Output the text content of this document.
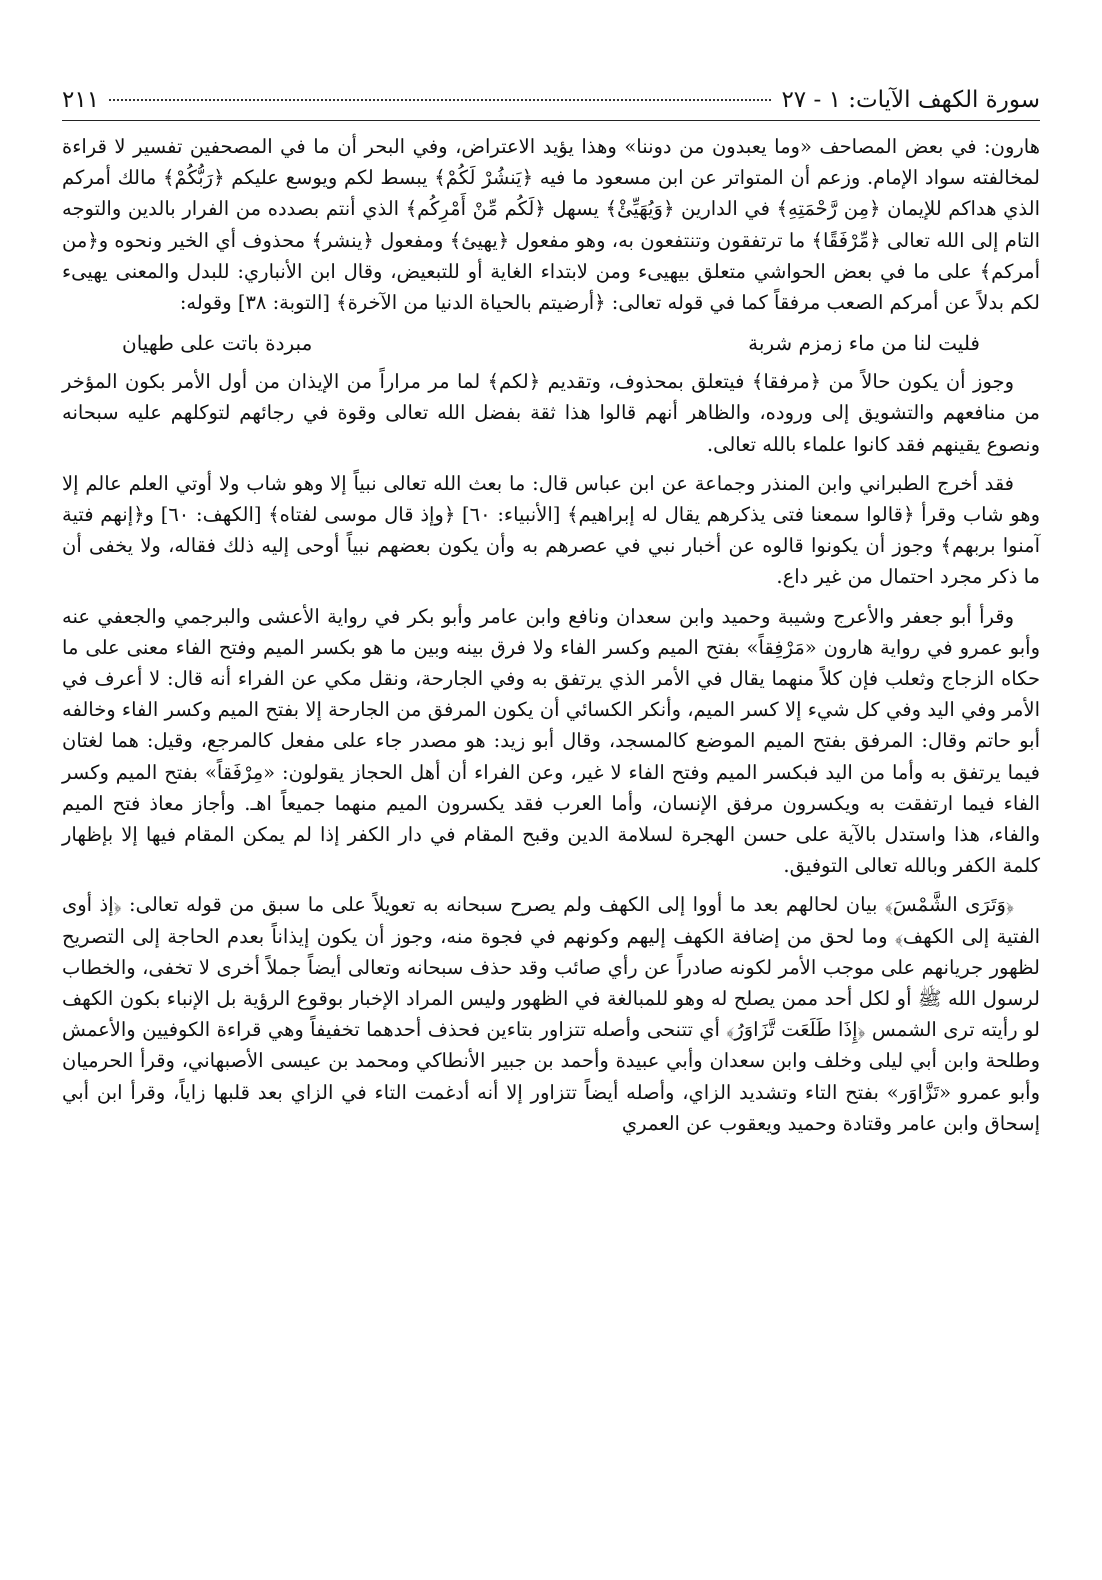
سورة الكهف الآيات: ١ - ٢٧
٢١١

هارون: في بعض المصاحف «وما يعبدون من دوننا» وهذا يؤيد الاعتراض، وفي البحر أن ما في المصحفين تفسير لا قراءة لمخالفته سواد الإمام. وزعم أن المتواتر عن ابن مسعود ما فيه ﴿يَنشُرْ لَكُمْ﴾ يبسط لكم ويوسع عليكم ﴿رَبُّكُمْ﴾ مالك أمركم الذي هداكم للإيمان ﴿مِن رَّحْمَتِهِ﴾ في الدارين ﴿وَيُهَيِّئْ﴾ يسهل ﴿لَكُم مِّنْ أَمْرِكُم﴾ الذي أنتم بصدده من الفرار بالدين والتوجه التام إلى الله تعالى ﴿مِّرْفَقًا﴾ ما ترتفقون وتنتفعون به، وهو مفعول ﴿يهيئ﴾ ومفعول ﴿ينشر﴾ محذوف أي الخير ونحوه و﴿من أمركم﴾ على ما في بعض الحواشي متعلق بيهيىء ومن لابتداء الغاية أو للتبعيض، وقال ابن الأنباري: للبدل والمعنى يهيىء لكم بدلاً عن أمركم الصعب مرفقاً كما في قوله تعالى: ﴿أرضيتم بالحياة الدنيا من الآخرة﴾ [التوبة: ٣٨] وقوله:

فليت لنا من ماء زمزم شربة
مبردة باتت على طهيان

وجوز أن يكون حالاً من ﴿مرفقا﴾ فيتعلق بمحذوف، وتقديم ﴿لكم﴾ لما مر مراراً من الإيذان من أول الأمر بكون المؤخر من منافعهم والتشويق إلى وروده، والظاهر أنهم قالوا هذا ثقة بفضل الله تعالى وقوة في رجائهم لتوكلهم عليه سبحانه ونصوع يقينهم فقد كانوا علماء بالله تعالى.

فقد أخرج الطبراني وابن المنذر وجماعة عن ابن عباس قال: ما بعث الله تعالى نبياً إلا وهو شاب ولا أوتي العلم عالم إلا وهو شاب وقرأ ﴿قالوا سمعنا فتى يذكرهم يقال له إبراهيم﴾ [الأنبياء: ٦٠] ﴿وإذ قال موسى لفتاه﴾ [الكهف: ٦٠] و﴿إنهم فتية آمنوا بربهم﴾ وجوز أن يكونوا قالوه عن أخبار نبي في عصرهم به وأن يكون بعضهم نبياً أوحى إليه ذلك فقاله، ولا يخفى أن ما ذكر مجرد احتمال من غير داع.

وقرأ أبو جعفر والأعرج وشيبة وحميد وابن سعدان ونافع وابن عامر وأبو بكر في رواية الأعشى والبرجمي والجعفي عنه وأبو عمرو في رواية هارون «مَرْفِقاً» بفتح الميم وكسر الفاء ولا فرق بينه وبين ما هو بكسر الميم وفتح الفاء معنى على ما حكاه الزجاج وثعلب فإن كلاً منهما يقال في الأمر الذي يرتفق به وفي الجارحة، ونقل مكي عن الفراء أنه قال: لا أعرف في الأمر وفي اليد وفي كل شيء إلا كسر الميم، وأنكر الكسائي أن يكون المرفق من الجارحة إلا بفتح الميم وكسر الفاء وخالفه أبو حاتم وقال: المرفق بفتح الميم الموضع كالمسجد، وقال أبو زيد: هو مصدر جاء على مفعل كالمرجع، وقيل: هما لغتان فيما يرتفق به وأما من اليد فبكسر الميم وفتح الفاء لا غير، وعن الفراء أن أهل الحجاز يقولون: «مِرْفَقاً» بفتح الميم وكسر الفاء فيما ارتفقت به ويكسرون مرفق الإنسان، وأما العرب فقد يكسرون الميم منهما جميعاً اهـ. وأجاز معاذ فتح الميم والفاء، هذا واستدل بالآية على حسن الهجرة لسلامة الدين وقبح المقام في دار الكفر إذا لم يمكن المقام فيها إلا بإظهار كلمة الكفر وبالله تعالى التوفيق.

﴿وَتَرَى الشَّمْسَ﴾ بيان لحالهم بعد ما أووا إلى الكهف ولم يصرح سبحانه به تعويلاً على ما سبق من قوله تعالى: ﴿إذ أوى الفتية إلى الكهف﴾ وما لحق من إضافة الكهف إليهم وكونهم في فجوة منه، وجوز أن يكون إيذاناً بعدم الحاجة إلى التصريح لظهور جريانهم على موجب الأمر لكونه صادراً عن رأي صائب وقد حذف سبحانه وتعالى أيضاً جملاً أخرى لا تخفى، والخطاب لرسول الله ﷺ أو لكل أحد ممن يصلح له وهو للمبالغة في الظهور وليس المراد الإخبار بوقوع الرؤية بل الإنباء بكون الكهف لو رأيته ترى الشمس ﴿إِذَا طَلَعَت تَّزَاوَرُ﴾ أي تتنحى وأصله تتزاور بتاءين فحذف أحدهما تخفيفاً وهي قراءة الكوفيين والأعمش وطلحة وابن أبي ليلى وخلف وابن سعدان وأبي عبيدة وأحمد بن جبير الأنطاكي ومحمد بن عيسى الأصبهاني، وقرأ الحرميان وأبو عمرو «تَزَّاوَر» بفتح التاء وتشديد الزاي، وأصله أيضاً تتزاور إلا أنه أدغمت التاء في الزاي بعد قلبها زاياً، وقرأ ابن أبي إسحاق وابن عامر وقتادة وحميد ويعقوب عن العمري
